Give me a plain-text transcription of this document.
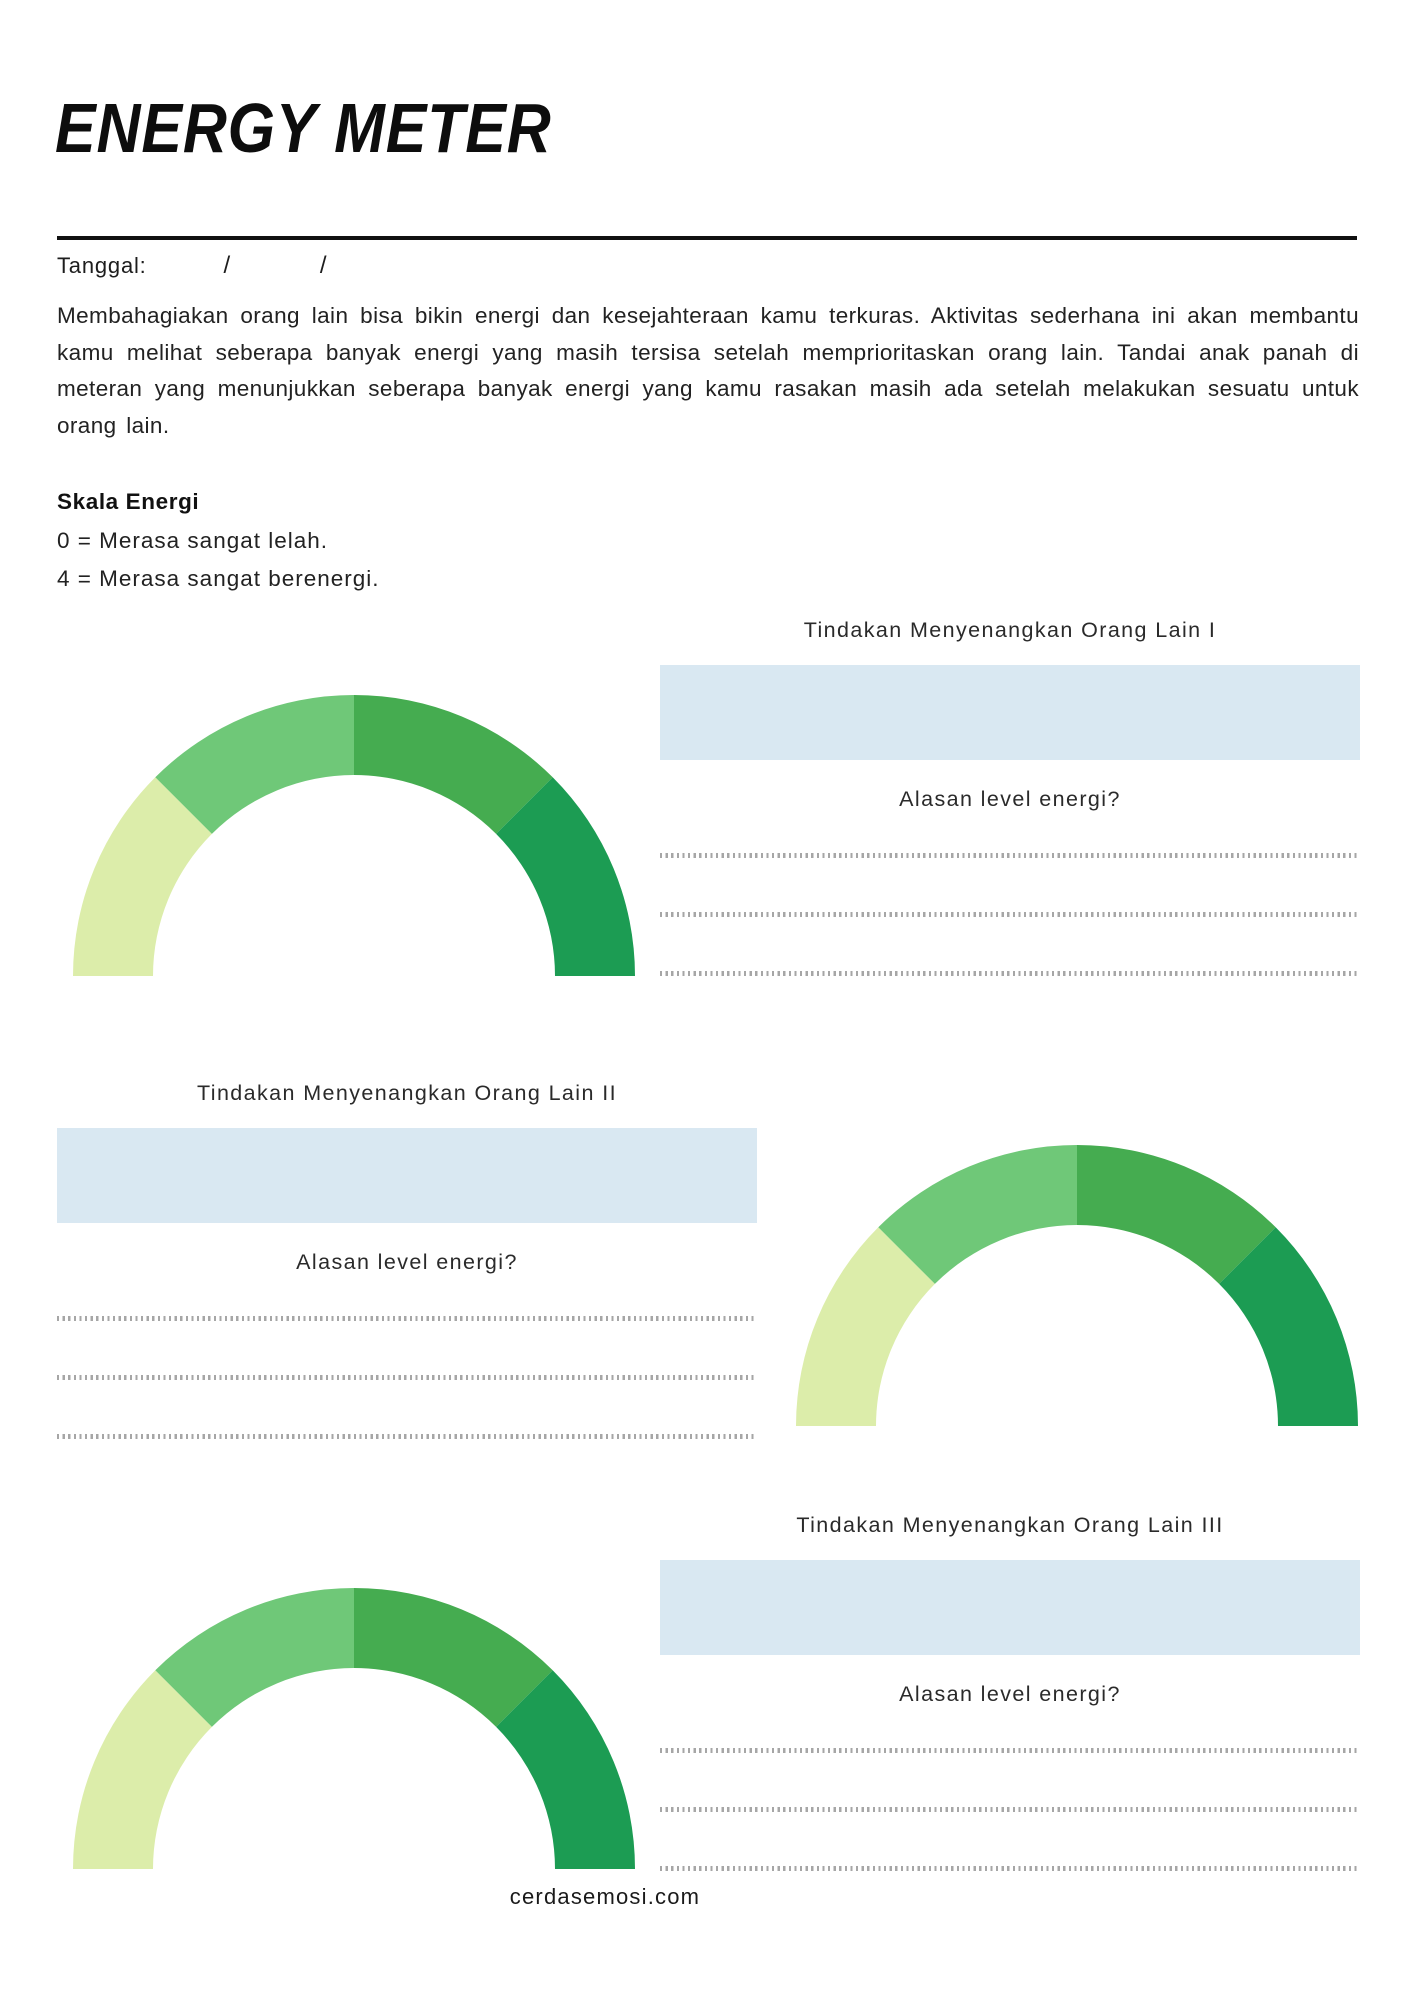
ENERGY METER
Tanggal:	/	/
Membahagiakan orang lain bisa bikin energi dan kesejahteraan kamu terkuras. Aktivitas sederhana ini akan membantu kamu melihat seberapa banyak energi yang masih tersisa setelah memprioritaskan orang lain. Tandai anak panah di meteran yang menunjukkan seberapa banyak energi yang kamu rasakan masih ada setelah melakukan sesuatu untuk orang lain.
Skala Energi
0 = Merasa sangat lelah.
4 = Merasa sangat berenergi.
Tindakan Menyenangkan Orang Lain I
Alasan level energi?
Tindakan Menyenangkan Orang Lain II
Alasan level energi?
Tindakan Menyenangkan Orang Lain III
Alasan level energi?
cerdasemosi.com
